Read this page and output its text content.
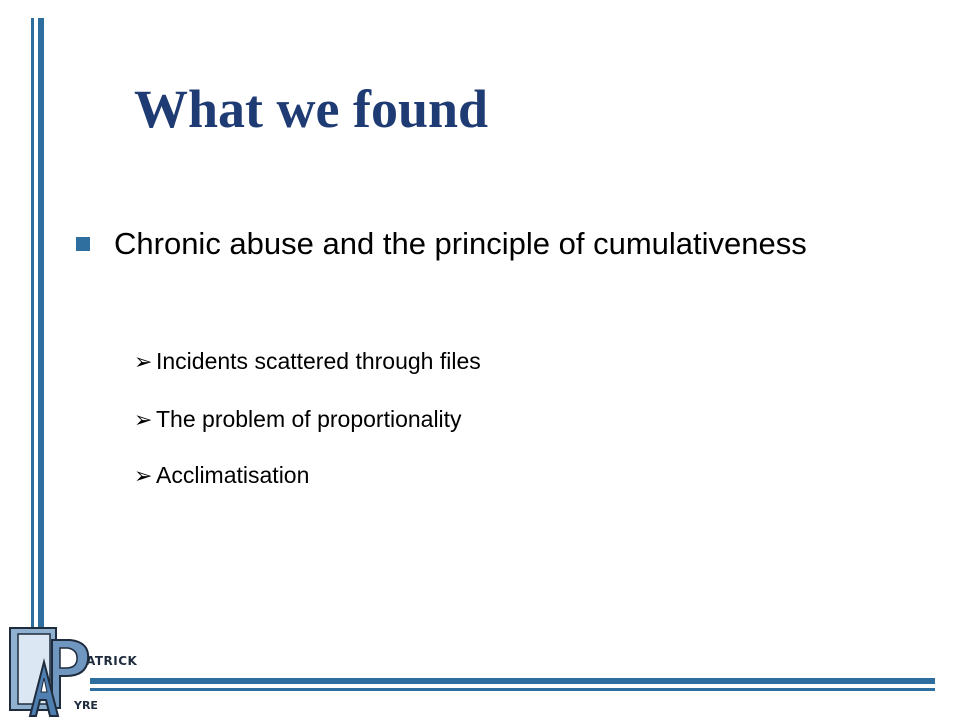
What we found
Chronic abuse and the principle of cumulativeness
➢ Incidents scattered through files
➢ The problem of proportionality
➢ Acclimatisation
ATRICK
YRE
